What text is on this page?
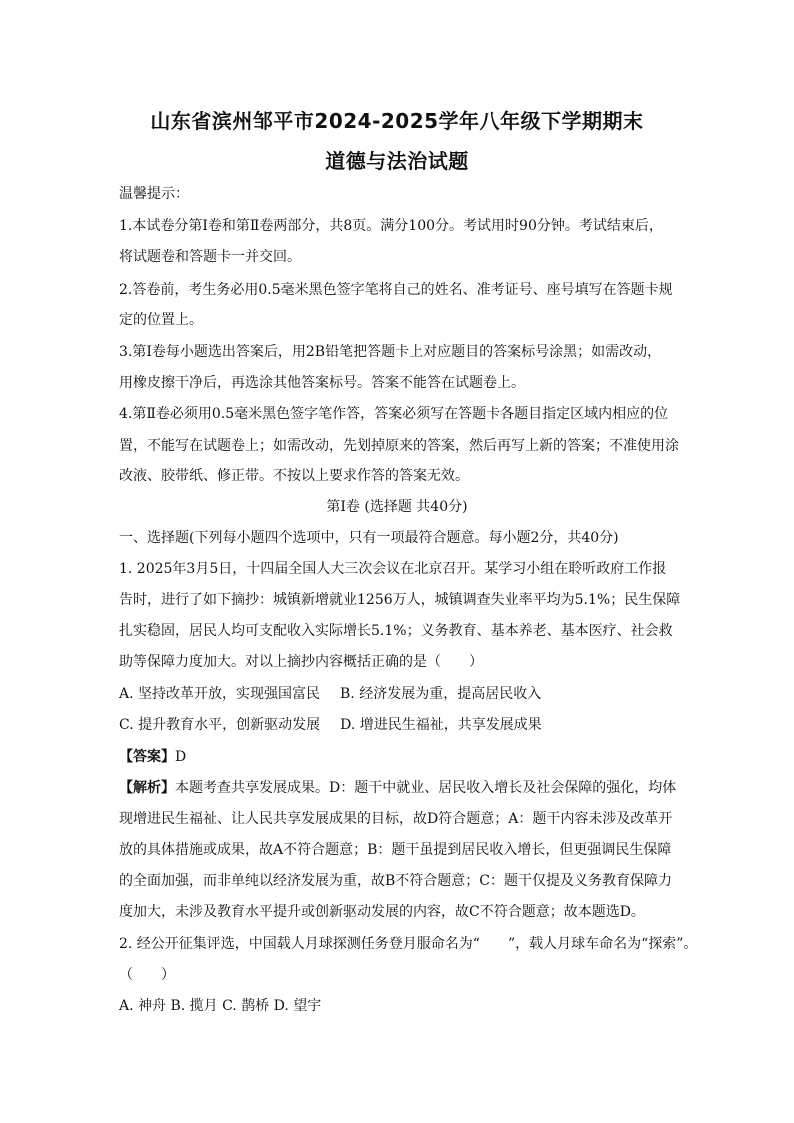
山东省滨州邹平市2024-2025学年八年级下学期期末
道德与法治试题
温馨提示：
1.本试卷分第Ⅰ卷和第Ⅱ卷两部分，共8页。满分100分。考试用时90分钟。考试结束后，
将试题卷和答题卡一并交回。
2.答卷前，考生务必用0.5毫米黑色签字笔将自己的姓名、准考证号、座号填写在答题卡规
定的位置上。
3.第Ⅰ卷每小题选出答案后，用2B铅笔把答题卡上对应题目的答案标号涂黑；如需改动，
用橡皮擦干净后，再选涂其他答案标号。答案不能答在试题卷上。
4.第Ⅱ卷必须用0.5毫米黑色签字笔作答，答案必须写在答题卡各题目指定区域内相应的位
置，不能写在试题卷上；如需改动，先划掉原来的答案，然后再写上新的答案；不准使用涂
改液、胶带纸、修正带。不按以上要求作答的答案无效。
第Ⅰ卷 (选择题 共40分)
一、选择题(下列每小题四个选项中，只有一项最符合题意。每小题2分，共40分)
1. 2025年3月5日，十四届全国人大三次会议在北京召开。某学习小组在聆听政府工作报
告时，进行了如下摘抄：城镇新增就业1256万人，城镇调查失业率平均为5.1%；民生保障
扎实稳固，居民人均可支配收入实际增长5.1%；义务教育、基本养老、基本医疗、社会救
助等保障力度加大。对以上摘抄内容概括正确的是（　　）
A. 坚持改革开放，实现强国富民 B. 经济发展为重，提高居民收入
C. 提升教育水平，创新驱动发展 D. 增进民生福祉，共享发展成果
【答案】D
【解析】本题考查共享发展成果。D：题干中就业、居民收入增长及社会保障的强化，均体
现增进民生福祉、让人民共享发展成果的目标，故D符合题意；A：题干内容未涉及改革开
放的具体措施或成果，故A不符合题意；B：题干虽提到居民收入增长，但更强调民生保障
的全面加强，而非单纯以经济发展为重，故B不符合题意；C：题干仅提及义务教育保障力
度加大，未涉及教育水平提升或创新驱动发展的内容，故C不符合题意；故本题选D。
2. 经公开征集评选，中国载人月球探测任务登月服命名为“　　”，载人月球车命名为“探索”。
（　　）
A. 神舟 B. 揽月 C. 鹊桥 D. 望宇
